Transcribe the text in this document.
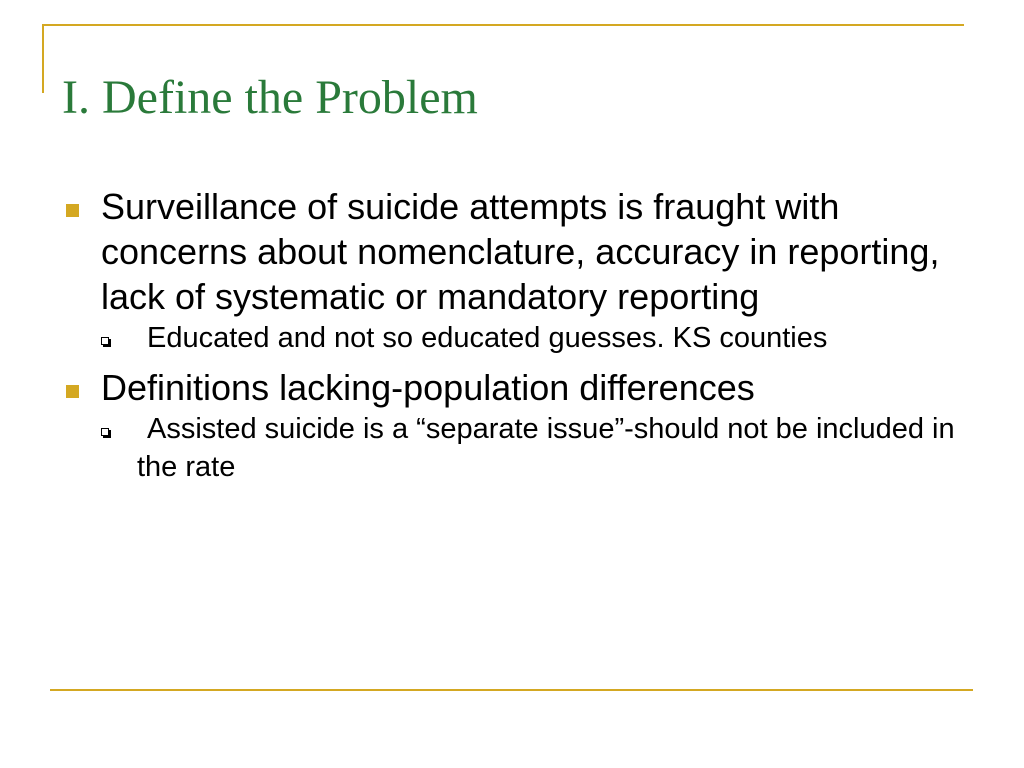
I. Define the Problem
Surveillance of suicide attempts is fraught with concerns about nomenclature, accuracy in reporting, lack of systematic or mandatory reporting
Educated and not so educated guesses. KS counties
Definitions lacking-population differences
Assisted suicide is a “separate issue”-should not be included in the rate
